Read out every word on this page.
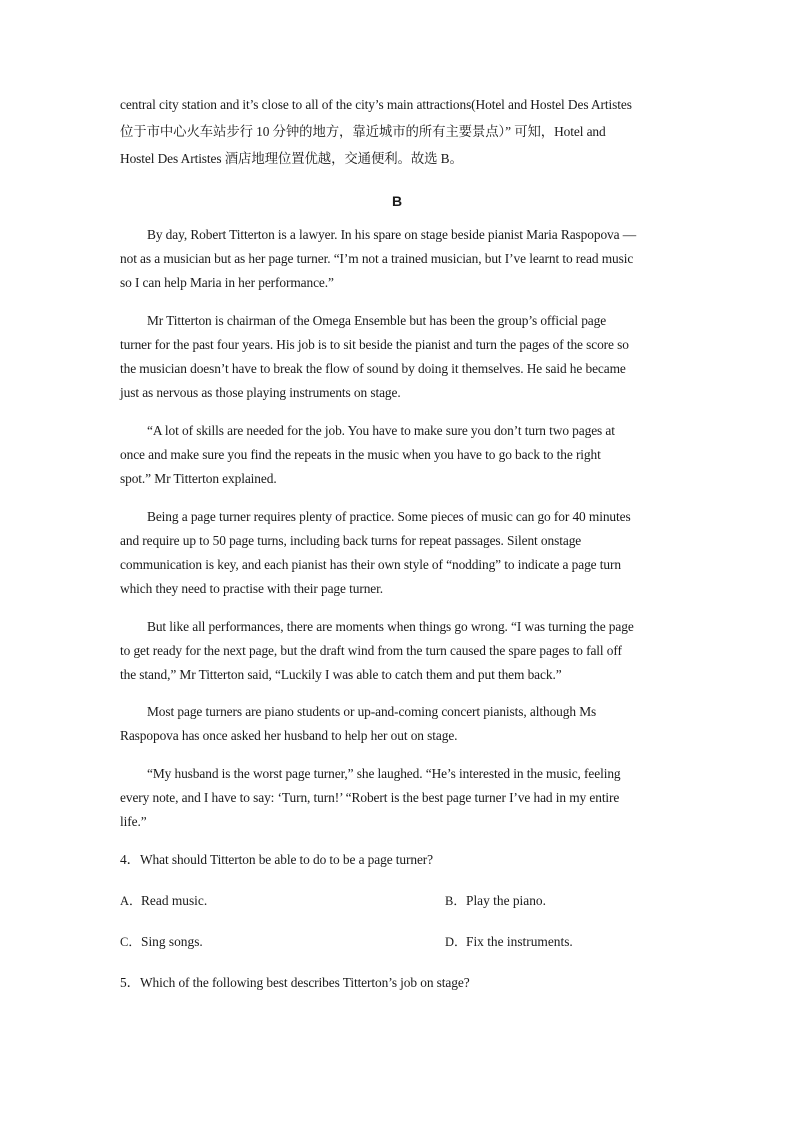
central city station and it’s close to all of the city’s main attractions(Hotel and Hostel Des Artistes
位于市中心火车站步行 10 分钟的地方，靠近城市的所有主要景点）” 可知，Hotel and
Hostel Des Artistes 酒店地理位置优越，交通便利。故选 B。
B
By day, Robert Titterton is a lawyer. In his spare on stage beside pianist Maria Raspopova —
not as a musician but as her page turner. “I’m not a trained musician, but I’ve learnt to read music
so I can help Maria in her performance.”
Mr Titterton is chairman of the Omega Ensemble but has been the group’s official page
turner for the past four years. His job is to sit beside the pianist and turn the pages of the score so
the musician doesn’t have to break the flow of sound by doing it themselves. He said he became
just as nervous as those playing instruments on stage.
“A lot of skills are needed for the job. You have to make sure you don’t turn two pages at
once and make sure you find the repeats in the music when you have to go back to the right
spot.” Mr Titterton explained.
Being a page turner requires plenty of practice. Some pieces of music can go for 40 minutes
and require up to 50 page turns, including back turns for repeat passages. Silent onstage
communication is key, and each pianist has their own style of “nodding” to indicate a page turn
which they need to practise with their page turner.
But like all performances, there are moments when things go wrong. “I was turning the page
to get ready for the next page, but the draft wind from the turn caused the spare pages to fall off
the stand,” Mr Titterton said, “Luckily I was able to catch them and put them back.”
Most page turners are piano students or up-and-coming concert pianists, although Ms
Raspopova has once asked her husband to help her out on stage.
“My husband is the worst page turner,” she laughed. “He’s interested in the music, feeling
every note, and I have to say: ‘Turn, turn!’ “Robert is the best page turner I’ve had in my entire
life.”
4．What should Titterton be able to do to be a page turner?
A．Read music.	B．Play the piano.
C．Sing songs.	D．Fix the instruments.
5．Which of the following best describes Titterton’s job on stage?
